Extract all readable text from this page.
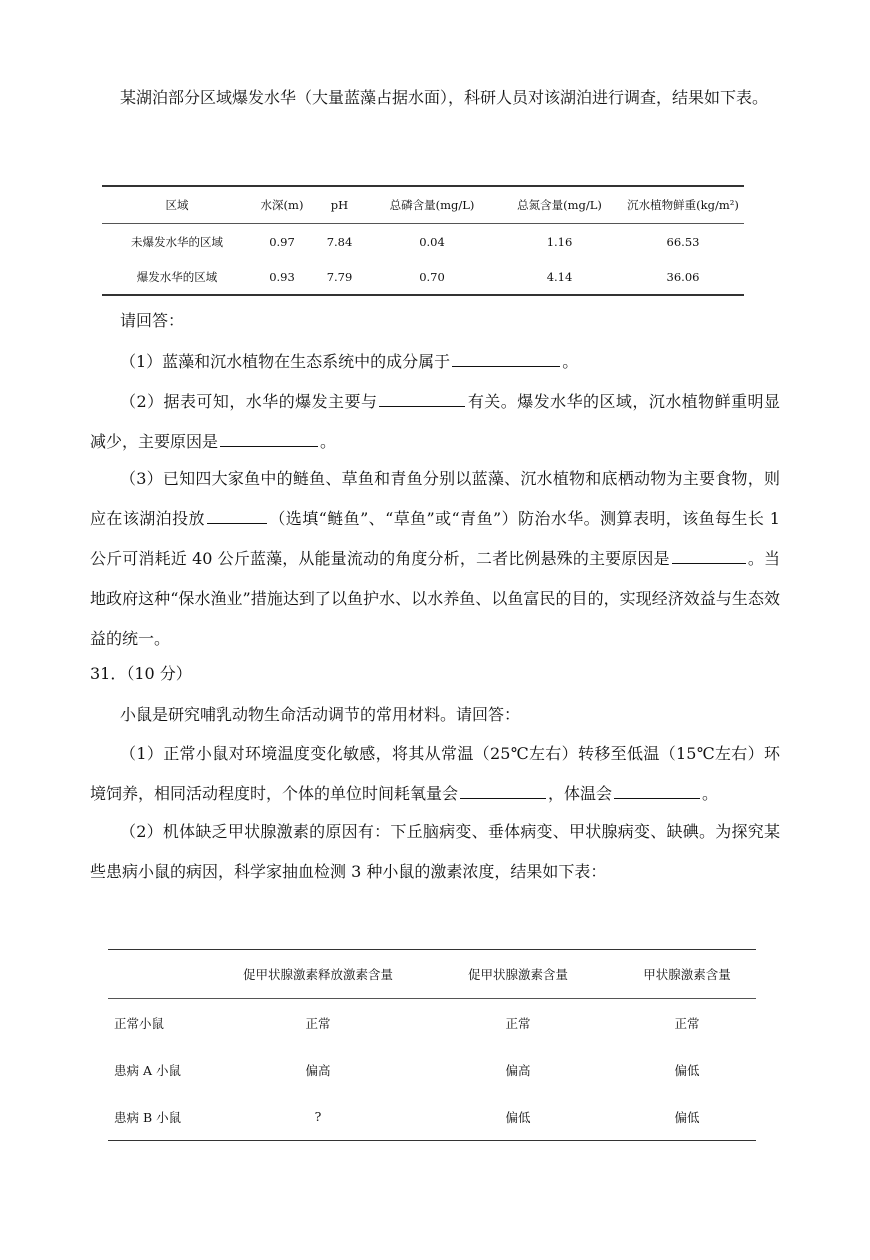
某湖泊部分区域爆发水华（大量蓝藻占据水面），科研人员对该湖泊进行调查，结果如下表。
区域	水深(m)	pH	总磷含量(mg/L)	总氮含量(mg/L)	沉水植物鲜重(kg/m²)
未爆发水华的区域	0.97	7.84	0.04	1.16	66.53
爆发水华的区域	0.93	7.79	0.70	4.14	36.06
请回答：
（1）蓝藻和沉水植物在生态系统中的成分属于	。
（2）据表可知，水华的爆发主要与	有关。爆发水华的区域，沉水植物鲜重明显减少，主要原因是	。
（3）已知四大家鱼中的鲢鱼、草鱼和青鱼分别以蓝藻、沉水植物和底栖动物为主要食物，则应在该湖泊投放	（选填“鲢鱼”、“草鱼”或“青鱼”）防治水华。测算表明，该鱼每生长 1 公斤可消耗近 40 公斤蓝藻，从能量流动的角度分析，二者比例悬殊的主要原因是	。当地政府这种“保水渔业”措施达到了以鱼护水、以水养鱼、以鱼富民的目的，实现经济效益与生态效益的统一。
31．（10 分）
小鼠是研究哺乳动物生命活动调节的常用材料。请回答：
（1）正常小鼠对环境温度变化敏感，将其从常温（25℃左右）转移至低温（15℃左右）环境饲养，相同活动程度时，个体的单位时间耗氧量会	，体温会	。
（2）机体缺乏甲状腺激素的原因有：下丘脑病变、垂体病变、甲状腺病变、缺碘。为探究某些患病小鼠的病因，科学家抽血检测 3 种小鼠的激素浓度，结果如下表：
	促甲状腺激素释放激素含量	促甲状腺激素含量	甲状腺激素含量
正常小鼠	正常	正常	正常
患病 A 小鼠	偏高	偏高	偏低
患病 B 小鼠	?	偏低	偏低
